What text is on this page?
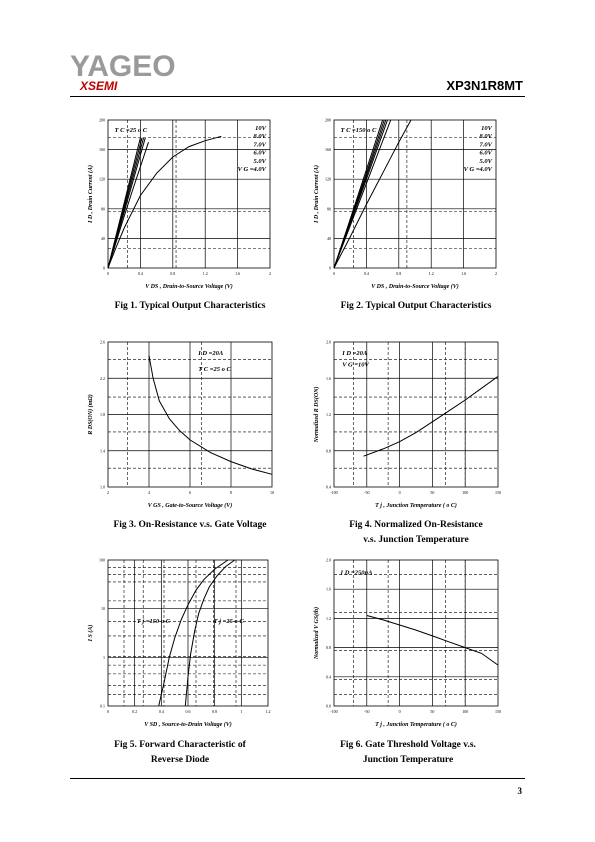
YAGEO
XSEMI	XP3N1R8MT
0	0.4	0.8	1.2	1.6	2
0
40
80
120
160
200
V DS , Drain-to-Source Voltage (V)
I D , Drain Current (A)
T C =25 o C	10V
8.0V
7.0V
6.0V
5.0V
V G =4.0V
Fig 1. Typical Output Characteristics
0	0.4	0.8	1.2	1.6	2
0
40
80
120
160
200
V DS , Drain-to-Source Voltage (V)
I D , Drain Current (A)
T C =150 o C	10V
8.0V
7.0V
6.0V
5.0V
V G =4.0V
Fig 2. Typical Output Characteristics
2	4	6	8	10
1.0
1.4
1.8
2.2
2.6
V GS , Gate-to-Source Voltage (V)
R DS(ON) (mΩ)
I D =20A
T C =25 o C
Fig 3. On-Resistance v.s. Gate Voltage
-100	-50	0	50	100	150
0.4
0.8
1.2
1.6
2.0
T j , Junction Temperature ( o C)
Normalized R DS(ON)
I D =20A
V G =10V
Fig 4. Normalized On-Resistance
v.s. Junction Temperature
0	0.2	0.4	0.6	0.8	1	1.2
0.1
1
10
100
V SD , Source-to-Drain Voltage (V)
I S (A)
T j =150 o C	T j =25 o C
Fig 5. Forward Characteristic of
Reverse Diode
-100	-50	0	50	100	150
0.0
0.4
0.8
1.2
1.6
2.0
T j , Junction Temperature ( o C)
Normalized V GS(th)
I D =250uA
Fig 6. Gate Threshold Voltage v.s.
Junction Temperature
3
